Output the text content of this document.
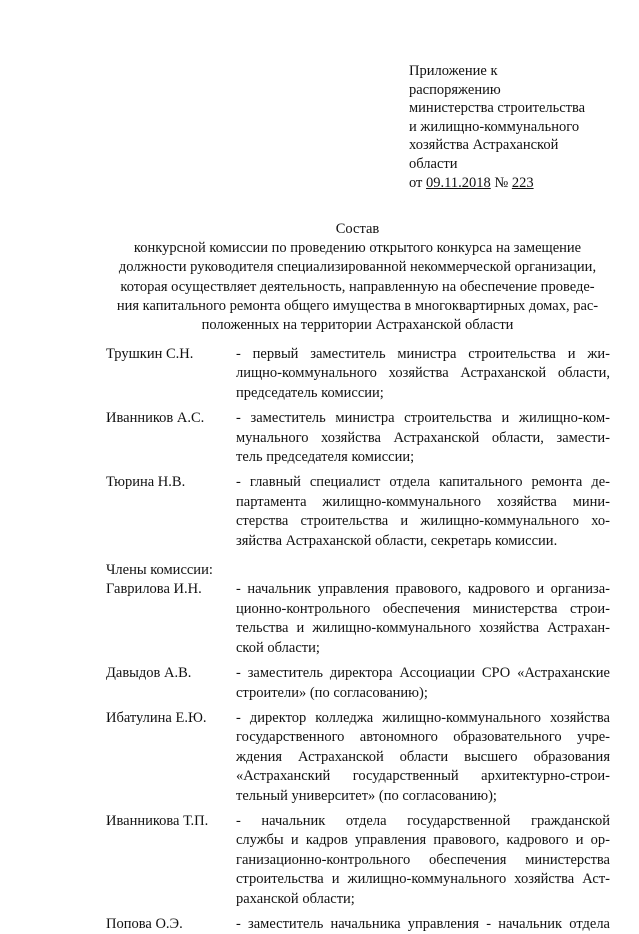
Приложение к
распоряжению
министерства строительства
и жилищно-коммунального
хозяйства Астраханской
области
от 09.11.2018 № 223
Состав
конкурсной комиссии по проведению открытого конкурса на замещение
должности руководителя специализированной некоммерческой организации,
которая осуществляет деятельность, направленную на обеспечение проведе-
ния капитального ремонта общего имущества в многоквартирных домах, рас-
положенных на территории Астраханской области
Трушкин С.Н.	- первый заместитель министра строительства и жи-
лищно-коммунального хозяйства Астраханской области,
председатель комиссии;
Иванников А.С.	- заместитель министра строительства и жилищно-ком-
мунального хозяйства Астраханской области, замести-
тель председателя комиссии;
Тюрина Н.В.	- главный специалист отдела капитального ремонта де-
партамента жилищно-коммунального хозяйства мини-
стерства строительства и жилищно-коммунального хо-
зяйства Астраханской области, секретарь комиссии.
Члены комиссии:
Гаврилова И.Н.	- начальник управления правового, кадрового и организа-
ционно-контрольного обеспечения министерства строи-
тельства и жилищно-коммунального хозяйства Астрахан-
ской области;
Давыдов А.В.	- заместитель директора Ассоциации СРО «Астраханские
строители» (по согласованию);
Ибатулина Е.Ю.	- директор колледжа жилищно-коммунального хозяйства
государственного автономного образовательного учре-
ждения Астраханской области высшего образования
«Астраханский государственный архитектурно-строи-
тельный университет» (по согласованию);
Иванникова Т.П.	- начальник отдела государственной гражданской
службы и кадров управления правового, кадрового и ор-
ганизационно-контрольного обеспечения министерства
строительства и жилищно-коммунального хозяйства Аст-
раханской области;
Попова О.Э.	- заместитель начальника управления - начальник отдела
